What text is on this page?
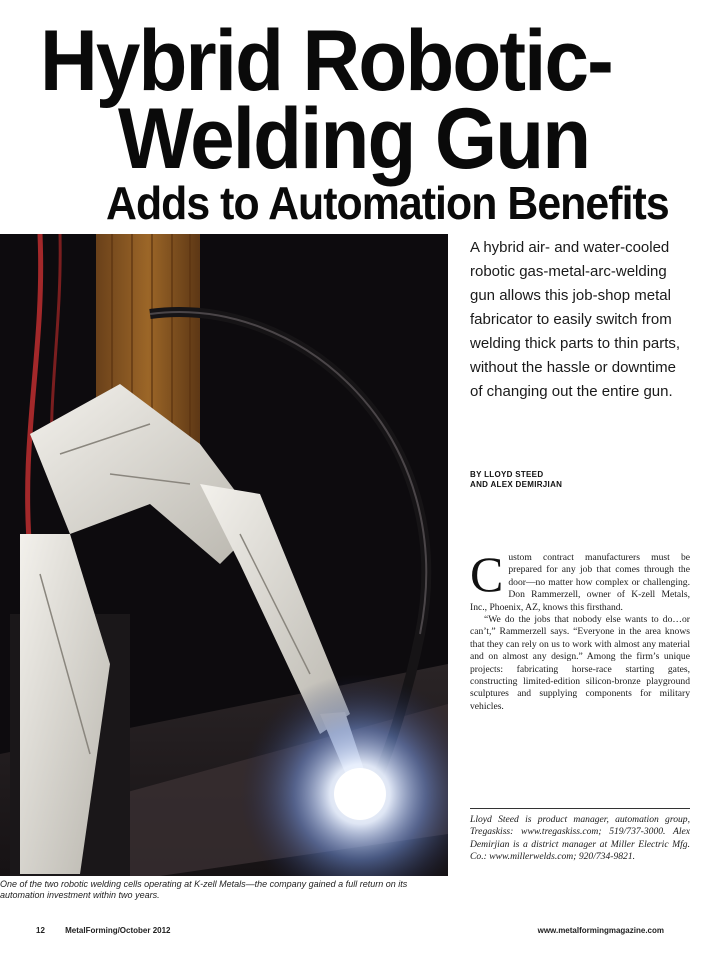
Hybrid Robotic-
Welding Gun
Adds to Automation Benefits
One of the two robotic welding cells operating at K-zell Metals—the company gained a full return on its automation investment within two years.
A hybrid air- and water-cooled robotic gas-metal-arc-welding gun allows this job-shop metal fabricator to easily switch from welding thick parts to thin parts, without the hassle or downtime of changing out the entire gun.
BY LLOYD STEED
AND ALEX DEMIRJIAN

Custom contract manufacturers must be prepared for any job that comes through the door—no matter how complex or challenging. Don Rammerzell, owner of K-zell Metals, Inc., Phoenix, AZ, knows this firsthand.

“We do the jobs that nobody else wants to do…or can’t,” Rammerzell says. “Everyone in the area knows that they can rely on us to work with almost any material and on almost any design.” Among the firm’s unique projects: fabricating horse-race starting gates, constructing limited-edition silicon-bronze playground sculptures and supplying components for military vehicles.

Lloyd Steed is product manager, automation group, Tregaskiss: www.tregaskiss.com; 519/737-3000. Alex Demirjian is a district manager at Miller Electric Mfg. Co.: www.millerwelds.com; 920/734-9821.
12	MetalForming/October 2012	www.metalformingmagazine.com
